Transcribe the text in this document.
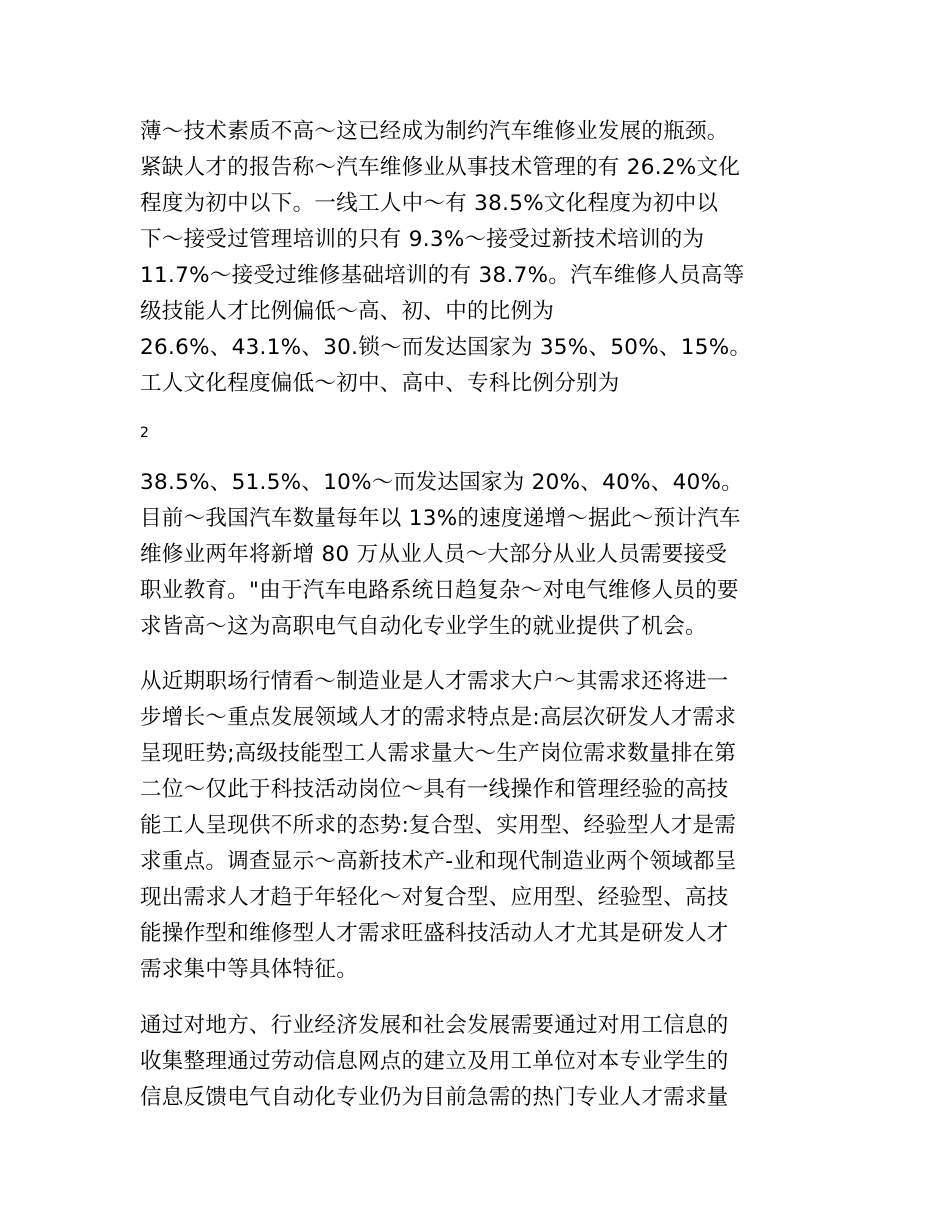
薄～技术素质不高～这已经成为制约汽车维修业发展的瓶颈。
紧缺人才的报告称～汽车维修业从事技术管理的有 26.2%文化
程度为初中以下。一线工人中～有 38.5%文化程度为初中以
下～接受过管理培训的只有 9.3%～接受过新技术培训的为
11.7%～接受过维修基础培训的有 38.7%。汽车维修人员高等
级技能人才比例偏低～高、初、中的比例为
26.6%、43.1%、30.锁～而发达国家为 35%、50%、15%。
工人文化程度偏低～初中、高中、专科比例分别为
2
38.5%、51.5%、10%～而发达国家为 20%、40%、40%。
目前～我国汽车数量每年以 13%的速度递增～据此～预计汽车
维修业两年将新增 80 万从业人员～大部分从业人员需要接受
职业教育。"由于汽车电路系统日趋复杂～对电气维修人员的要
求皆高～这为高职电气自动化专业学生的就业提供了机会。
从近期职场行情看～制造业是人才需求大户～其需求还将进一
步增长～重点发展领域人才的需求特点是:高层次研发人才需求
呈现旺势;高级技能型工人需求量大～生产岗位需求数量排在第
二位～仅此于科技活动岗位～具有一线操作和管理经验的高技
能工人呈现供不所求的态势:复合型、实用型、经验型人才是需
求重点。调查显示～高新技术产-业和现代制造业两个领域都呈
现出需求人才趋于年轻化～对复合型、应用型、经验型、高技
能操作型和维修型人才需求旺盛科技活动人才尤其是研发人才
需求集中等具体特征。
通过对地方、行业经济发展和社会发展需要通过对用工信息的
收集整理通过劳动信息网点的建立及用工单位对本专业学生的
信息反馈电气自动化专业仍为目前急需的热门专业人才需求量
